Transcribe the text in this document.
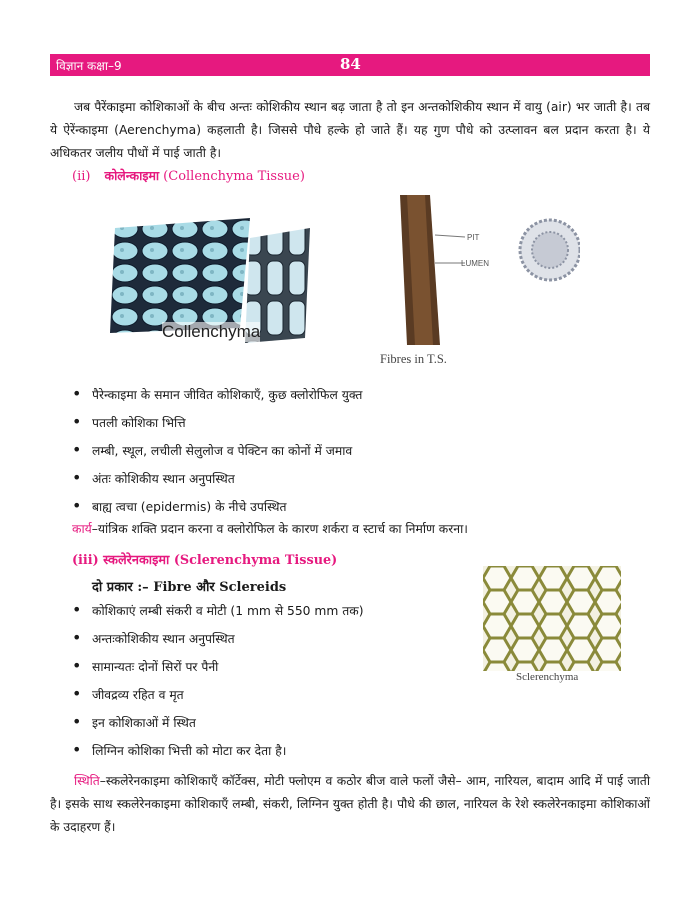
विज्ञान कक्षा–9	84
जब पैरेंकाइमा कोशिकाओं के बीच अन्तः कोशिकीय स्थान बढ़ जाता है तो इन अन्तकोशिकीय स्थान में वायु (air) भर जाती है। तब ये ऐरेंन्काइमा (Aerenchyma) कहलाती है। जिससे पौधे हल्के हो जाते हैं। यह गुण पौधे को उत्प्लावन बल प्रदान करता है। ये अधिकतर जलीय पौधों में पाई जाती है।
(ii) कोलेन्काइमा (Collenchyma Tissue)
Collenchyma
PIT
LUMEN
Fibres in T.S.
• पैरेन्काइमा के समान जीवित कोशिकाएँ, कुछ क्लोरोफिल युक्त
• पतली कोशिका भित्ति
• लम्बी, स्थूल, लचीली सेलुलोज व पेक्टिन का कोनों में जमाव
• अंतः कोशिकीय स्थान अनुपस्थित
• बाह्य त्वचा (epidermis) के नीचे उपस्थित
कार्य–यांत्रिक शक्ति प्रदान करना व क्लोरोफिल के कारण शर्करा व स्टार्च का निर्माण करना।
(iii) स्कलेरेनकाइमा (Sclerenchyma Tissue)
दो प्रकार :– Fibre और Sclereids
Sclerenchyma
• कोशिकाएं लम्बी संकरी व मोटी (1 mm से 550 mm तक)
• अन्तःकोशिकीय स्थान अनुपस्थित
• सामान्यतः दोनों सिरों पर पैनी
• जीवद्रव्य रहित व मृत
• इन कोशिकाओं में स्थित
• लिग्निन कोशिका भित्ती को मोटा कर देता है।
स्थिति–स्कलेरेनकाइमा कोशिकाएँ कॉर्टेक्स, मोटी फ्लोएम व कठोर बीज वाले फलों जैसे– आम, नारियल, बादाम आदि में पाई जाती है। इसके साथ स्कलेरेनकाइमा कोशिकाएँ लम्बी, संकरी, लिग्निन युक्त होती है। पौधे की छाल, नारियल के रेशे स्कलेरेनकाइमा कोशिकाओं के उदाहरण हैं।
